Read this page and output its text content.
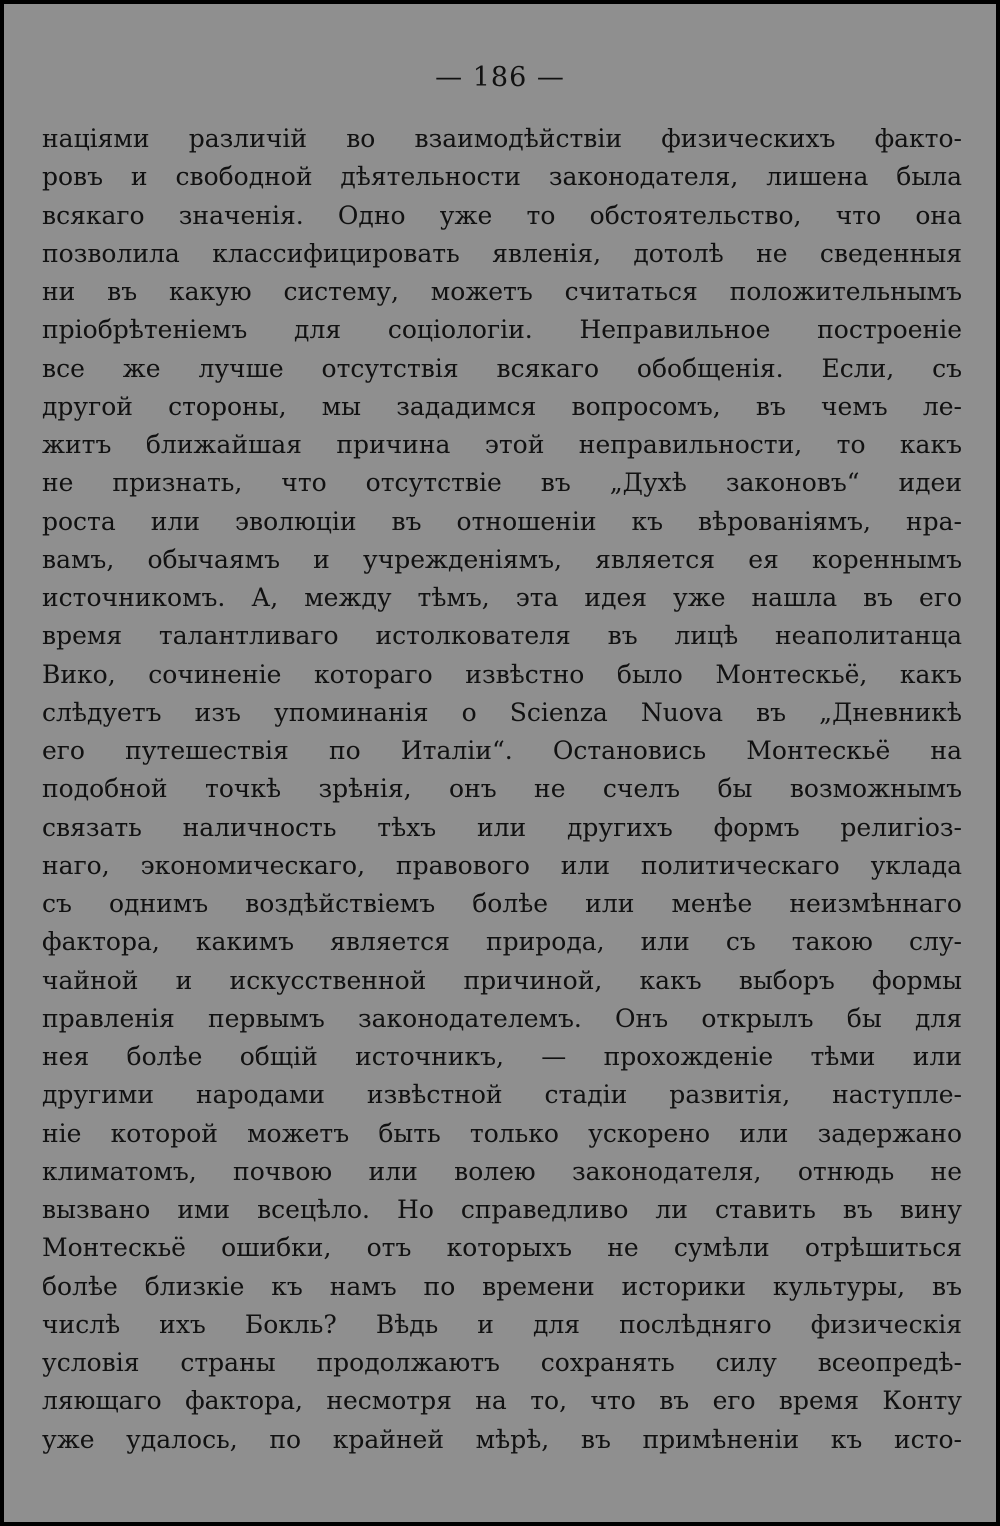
— 186 —
націями различій во взаимодѣйствіи физическихъ факто-
ровъ и свободной дѣятельности законодателя, лишена была
всякаго значенія. Одно уже то обстоятельство, что она
позволила классифицировать явленія, дотолѣ не сведенныя
ни въ какую систему, можетъ считаться положительнымъ
пріобрѣтеніемъ для соціологіи. Неправильное построеніе
все же лучше отсутствія всякаго обобщенія. Если, съ
другой стороны, мы зададимся вопросомъ, въ чемъ ле-
житъ ближайшая причина этой неправильности, то какъ
не признать, что отсутствіе въ „Духѣ законовъ“ идеи
роста или эволюціи въ отношеніи къ вѣрованіямъ, нра-
вамъ, обычаямъ и учрежденіямъ, является ея кореннымъ
источникомъ. А, между тѣмъ, эта идея уже нашла въ его
время талантливаго истолкователя въ лицѣ неаполитанца
Вико, сочиненіе котораго извѣстно было Монтескьё, какъ
слѣдуетъ изъ упоминанія о Scienza Nuova въ „Дневникѣ
его путешествія по Италіи“. Остановись Монтескьё на
подобной точкѣ зрѣнія, онъ не счелъ бы возможнымъ
связать наличность тѣхъ или другихъ формъ религіоз-
наго, экономическаго, правового или политическаго уклада
съ однимъ воздѣйствіемъ болѣе или менѣе неизмѣннаго
фактора, какимъ является природа, или съ такою слу-
чайной и искусственной причиной, какъ выборъ формы
правленія первымъ законодателемъ. Онъ открылъ бы для
нея болѣе общій источникъ, — прохожденіе тѣми или
другими народами извѣстной стадіи развитія, наступле-
ніе которой можетъ быть только ускорено или задержано
климатомъ, почвою или волею законодателя, отнюдь не
вызвано ими всецѣло. Но справедливо ли ставить въ вину
Монтескьё ошибки, отъ которыхъ не сумѣли отрѣшиться
болѣе близкіе къ намъ по времени историки культуры, въ
числѣ ихъ Бокль? Вѣдь и для послѣдняго физическія
условія страны продолжаютъ сохранять силу всеопредѣ-
ляющаго фактора, несмотря на то, что въ его время Конту
уже удалось, по крайней мѣрѣ, въ примѣненіи къ исто-
